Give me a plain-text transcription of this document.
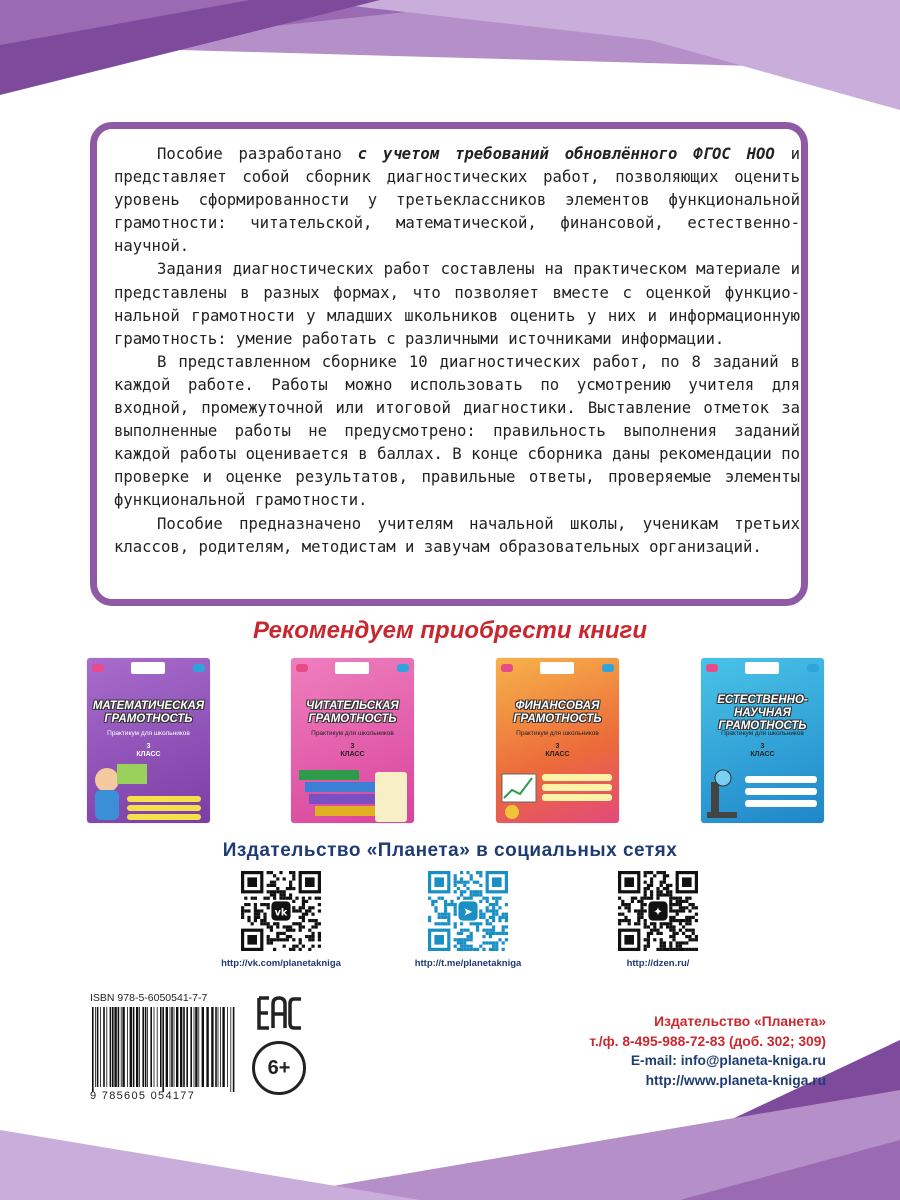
Пособие разработано с учетом требований обновлённого ФГОС НОО и представляет собой сборник диагностических работ, позволяющих оценить уровень сформированности у третьеклассников элементов функциональной грамотности: читательской, математической, финансовой, естественно-научной.

Задания диагностических работ составлены на практическом материале и представлены в разных формах, что позволяет вместе с оценкой функциональной грамотности у младших школьников оценить у них и информационную грамотность: умение работать с различными источниками информации.

В представленном сборнике 10 диагностических работ, по 8 заданий в каждой работе. Работы можно использовать по усмотрению учителя для входной, промежуточной или итоговой диагностики. Выставление отметок за выполненные работы не предусмотрено: правильность выполнения заданий каждой работы оценивается в баллах. В конце сборника даны рекомендации по проверке и оценке результатов, правильные ответы, проверяемые элементы функциональной грамотности.

Пособие предназначено учителям начальной школы, ученикам третьих классов, родителям, методистам и завучам образовательных организаций.

Рекомендуем приобрести книги
МАТЕМАТИЧЕСКАЯ ГРАМОТНОСТЬ
Практикум для школьников
3
КЛАСС
ЧИТАТЕЛЬСКАЯ ГРАМОТНОСТЬ
Практикум для школьников
3
КЛАСС
ФИНАНСОВАЯ ГРАМОТНОСТЬ
Практикум для школьников
3
КЛАСС
ЕСТЕСТВЕННО-НАУЧНАЯ ГРАМОТНОСТЬ
Практикум для школьников
3
КЛАСС
Издательство «Планета» в социальных сетях
vk	➤	✦
http://vk.com/planetakniga	http://t.me/planetakniga	http://dzen.ru/
ISBN 978-5-6050541-7-7
9 785605 054177
6+
Издательство «Планета»
т./ф. 8-495-988-72-83 (доб. 302; 309)
E-mail: info@planeta-kniga.ru
http://www.planeta-kniga.ru
